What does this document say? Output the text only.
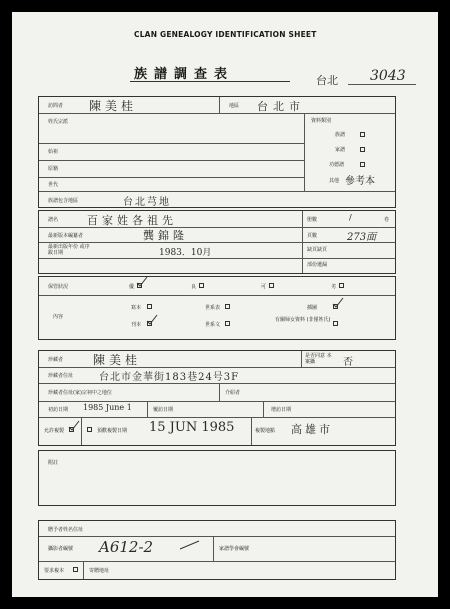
CLAN GENEALOGY IDENTIFICATION SHEET
族譜調查表	台北 3043
訪問者 陳美桂	地區 台北市
姓氏宗派
始祖
原籍
世代
資料類別
族譜
家譜
功德譜
其他 參考本
族譜包含地區	台北芎地
譜名	百家姓各祖先
最新版本編纂者	龔錦隆
最新出版年份 或序跋日期	1983．10月
册數	/	卷
頁數	273面
缺頁缺頁
部份遺漏
保管狀況	優	良	可	劣
內容
寫本
刊本
世系表
世系文
插圖
有關婦女資料 (非僅姓氏)
珍藏者 陳美桂	是否同意 本案攝	否
珍藏者住址	台北市金華街183巷24号3F
珍藏者住址(家)宗祠中之地位	介紹者
初訪日期 1985 June 1	覆訪日期	增訪日期
允許複製	預歡複製日期 15 JUN 1985	複製地點 高雄市
附註
贈予者姓名住址
攝影者編號 A612-2	家譜學會編號
要求複本	寄贈地址
